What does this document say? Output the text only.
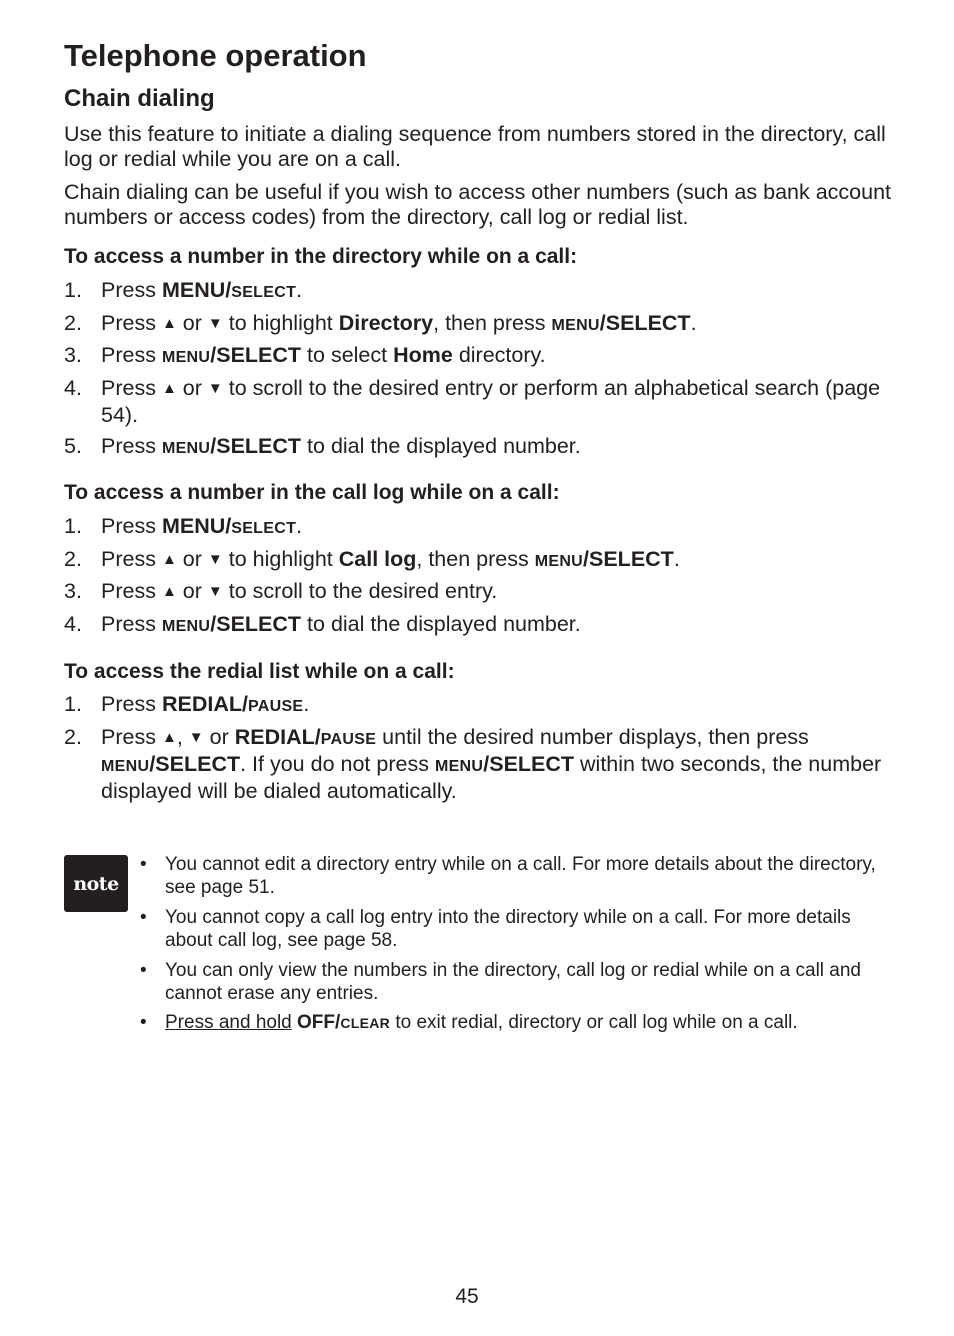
Telephone operation
Chain dialing
Use this feature to initiate a dialing sequence from numbers stored in the directory, call log or redial while you are on a call.
Chain dialing can be useful if you wish to access other numbers (such as bank account numbers or access codes) from the directory, call log or redial list.
To access a number in the directory while on a call:
1. Press MENU/SELECT.
2. Press ▲ or ▼ to highlight Directory, then press MENU/SELECT.
3. Press MENU/SELECT to select Home directory.
4. Press ▲ or ▼ to scroll to the desired entry or perform an alphabetical search (page 54).
5. Press MENU/SELECT to dial the displayed number.
To access a number in the call log while on a call:
1. Press MENU/SELECT.
2. Press ▲ or ▼ to highlight Call log, then press MENU/SELECT.
3. Press ▲ or ▼ to scroll to the desired entry.
4. Press MENU/SELECT to dial the displayed number.
To access the redial list while on a call:
1. Press REDIAL/PAUSE.
2. Press ▲, ▼ or REDIAL/PAUSE until the desired number displays, then press MENU/SELECT. If you do not press MENU/SELECT within two seconds, the number displayed will be dialed automatically.
note
• You cannot edit a directory entry while on a call. For more details about the directory, see page 51.
• You cannot copy a call log entry into the directory while on a call. For more details about call log, see page 58.
• You can only view the numbers in the directory, call log or redial while on a call and cannot erase any entries.
• Press and hold OFF/CLEAR to exit redial, directory or call log while on a call.
45
